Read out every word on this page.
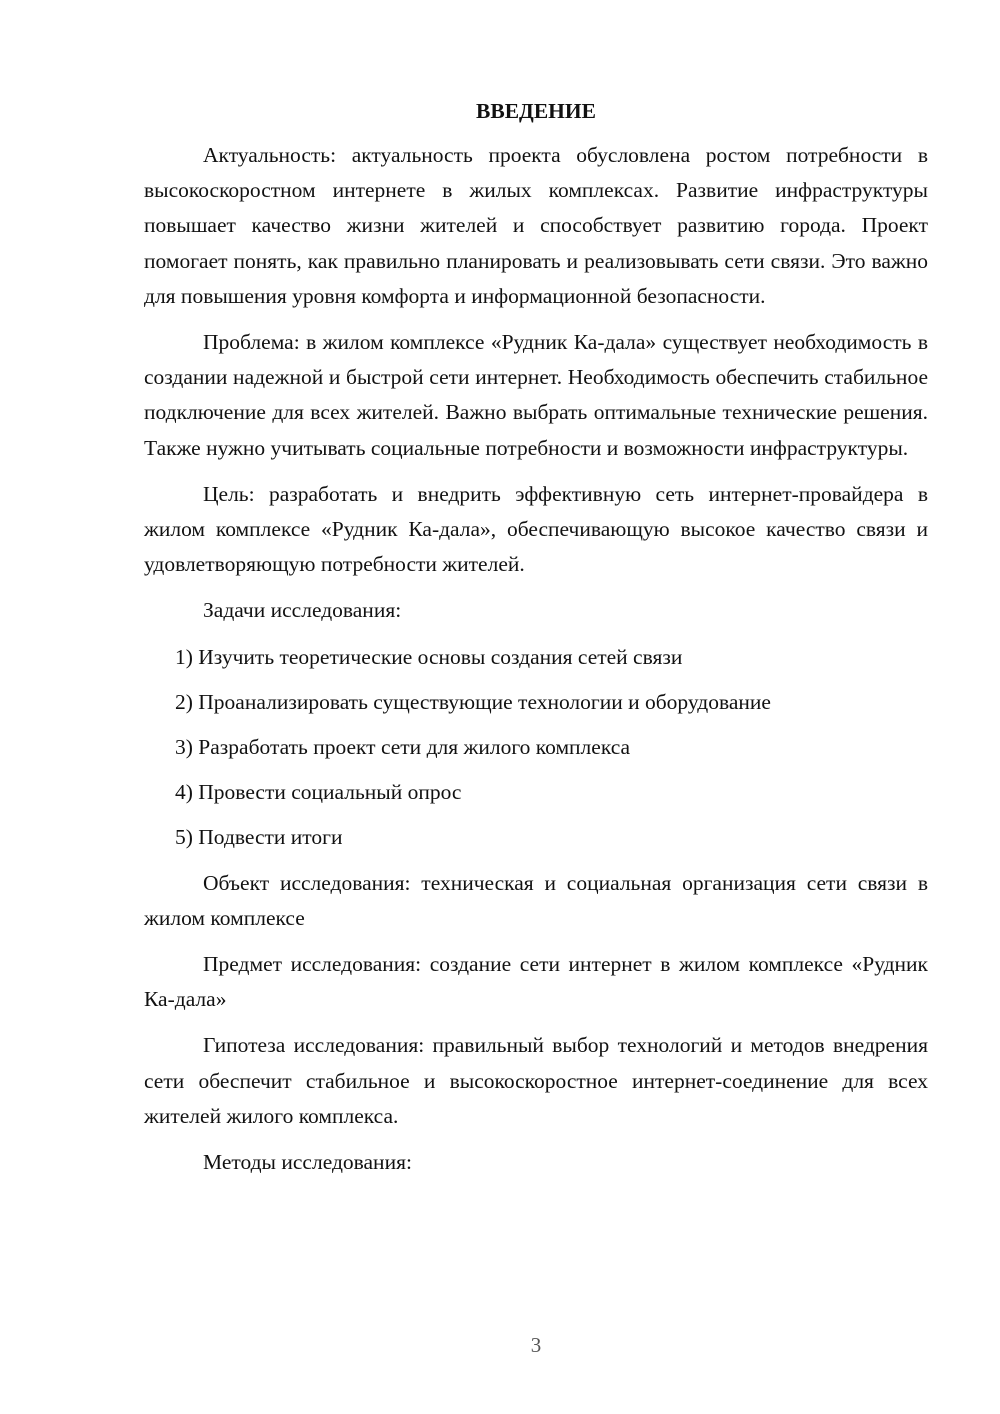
ВВЕДЕНИЕ

Актуальность: актуальность проекта обусловлена ростом потребности в высокоскоростном интернете в жилых комплексах. Развитие инфраструктуры повышает качество жизни жителей и способствует развитию города. Проект помогает понять, как правильно планировать и реализовывать сети связи. Это важно для повышения уровня комфорта и информационной безопасности.

Проблема: в жилом комплексе «Рудник Ка-дала» существует необходимость в создании надежной и быстрой сети интернет. Необходимость обеспечить стабильное подключение для всех жителей. Важно выбрать оптимальные технические решения. Также нужно учитывать социальные потребности и возможности инфраструктуры.

Цель: разработать и внедрить эффективную сеть интернет-провайдера в жилом комплексе «Рудник Ка-дала», обеспечивающую высокое качество связи и удовлетворяющую потребности жителей.

Задачи исследования:

1) Изучить теоретические основы создания сетей связи
2) Проанализировать существующие технологии и оборудование
3) Разработать проект сети для жилого комплекса
4) Провести социальный опрос
5) Подвести итоги

Объект исследования: техническая и социальная организация сети связи в жилом комплексе

Предмет исследования: создание сети интернет в жилом комплексе «Рудник Ка-дала»

Гипотеза исследования: правильный выбор технологий и методов внедрения сети обеспечит стабильное и высокоскоростное интернет-соединение для всех жителей жилого комплекса.

Методы исследования:

3
